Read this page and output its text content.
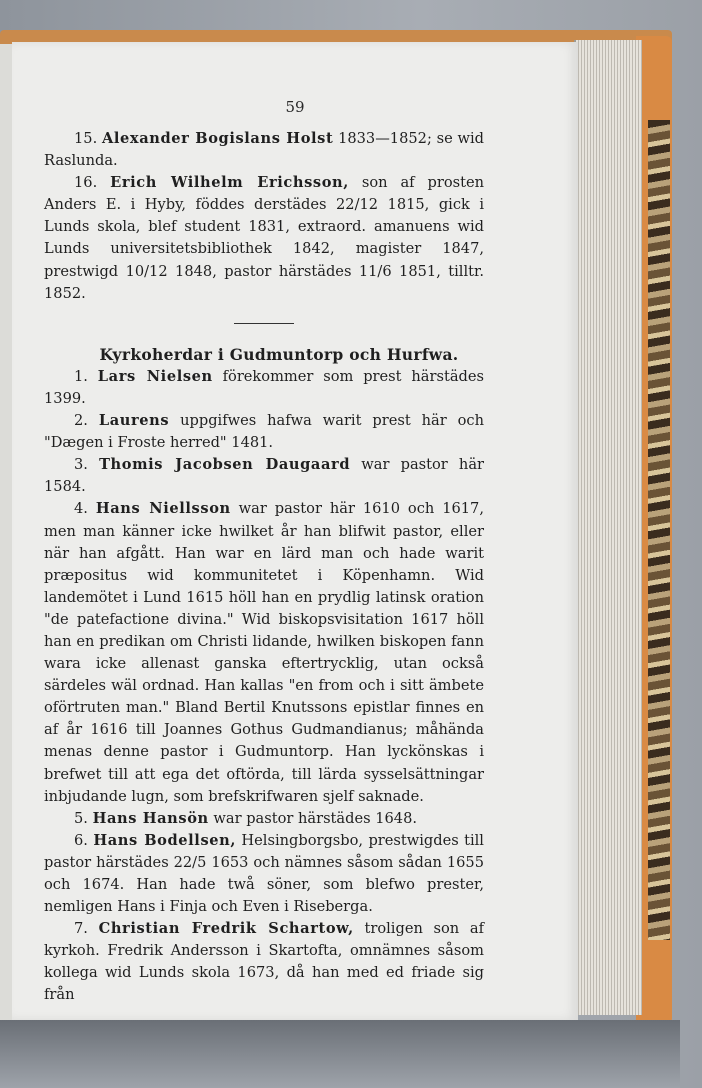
59

15. Alexander Bogislans Holst 1833—1852; se wid Raslunda.

16. Erich Wilhelm Erichsson, son af prosten Anders E. i Hyby, föddes derstädes 22/12 1815, gick i Lunds skola, blef student 1831, extraord. amanuens wid Lunds universitetsbibliothek 1842, magister 1847, prestwigd 10/12 1848, pastor härstädes 11/6 1851, tilltr. 1852.

Kyrkoherdar i Gudmuntorp och Hurfwa.

1. Lars Nielsen förekommer som prest härstädes 1399.

2. Laurens uppgifwes hafwa warit prest här och "Dægen i Froste herred" 1481.

3. Thomis Jacobsen Daugaard war pastor här 1584.

4. Hans Niellsson war pastor här 1610 och 1617, men man känner icke hwilket år han blifwit pastor, eller när han afgått. Han war en lärd man och hade warit præpositus wid kommunitetet i Köpenhamn. Wid landemötet i Lund 1615 höll han en prydlig latinsk oration "de patefactione divina." Wid biskopsvisitation 1617 höll han en predikan om Christi lidande, hwilken biskopen fann wara icke allenast ganska eftertrycklig, utan också särdeles wäl ordnad. Han kallas "en from och i sitt ämbete oförtruten man." Bland Bertil Knutssons epistlar finnes en af år 1616 till Joannes Gothus Gudmandianus; måhända menas denne pastor i Gudmuntorp. Han lyckönskas i brefwet till att ega det oftörda, till lärda sysselsättningar inbjudande lugn, som brefskrifwaren sjelf saknade.

5. Hans Hansön war pastor härstädes 1648.

6. Hans Bodellsen, Helsingborgsbo, prestwigdes till pastor härstädes 22/5 1653 och nämnes såsom sådan 1655 och 1674. Han hade twå söner, som blefwo prester, nemligen Hans i Finja och Even i Riseberga.

7. Christian Fredrik Schartow, troligen son af kyrkoh. Fredrik Andersson i Skartofta, omnämnes såsom kollega wid Lunds skola 1673, då han med ed friade sig från
